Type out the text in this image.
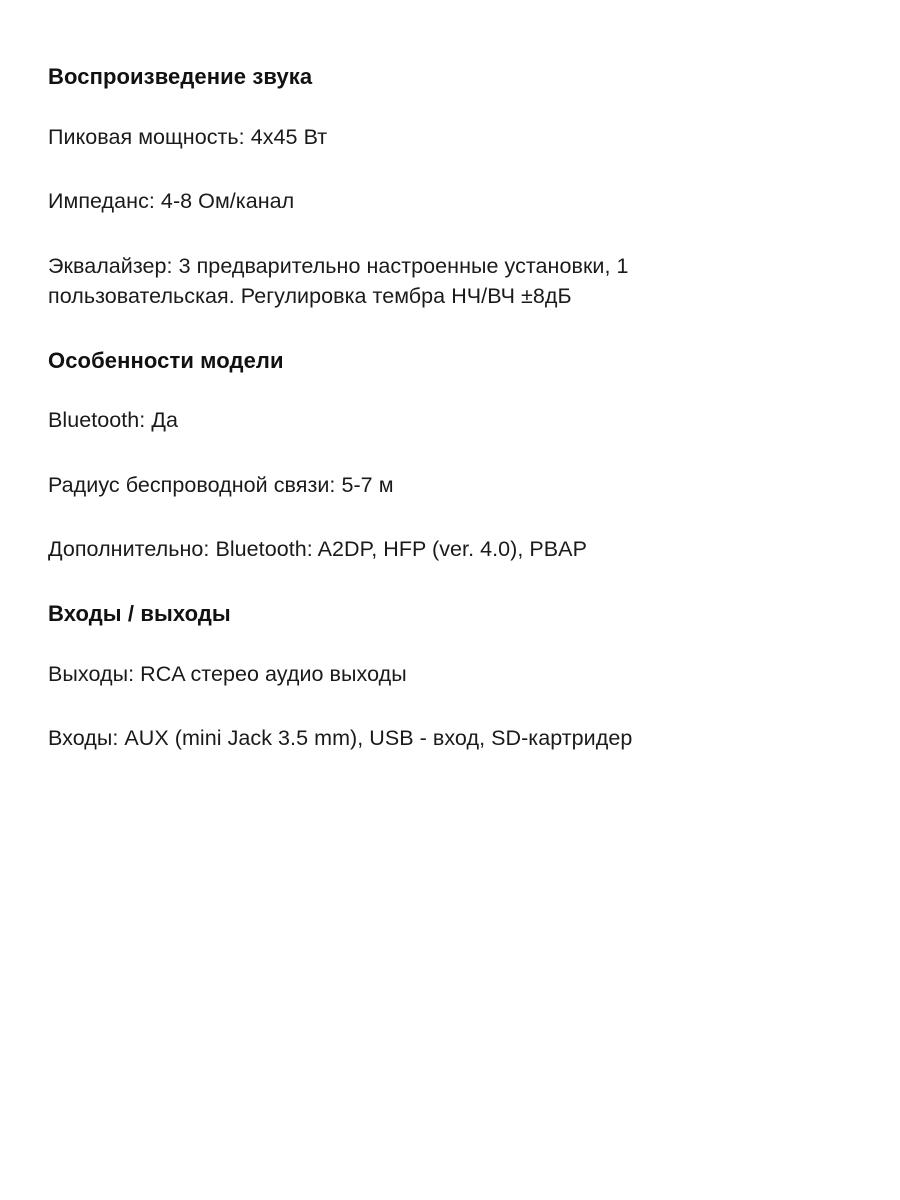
Воспроизведение звука

Пиковая мощность: 4х45 Вт

Импеданс: 4-8 Ом/канал

Эквалайзер: 3 предварительно настроенные установки, 1 пользовательская. Регулировка тембра НЧ/ВЧ ±8дБ

Особенности модели

Bluetooth: Да

Радиус беспроводной связи: 5-7 м

Дополнительно: Bluetooth: A2DP, HFP (ver. 4.0), PBAP

Входы / выходы

Выходы: RCA стерео аудио выходы

Входы: AUX (mini Jack 3.5 mm), USB - вход, SD-картридер
